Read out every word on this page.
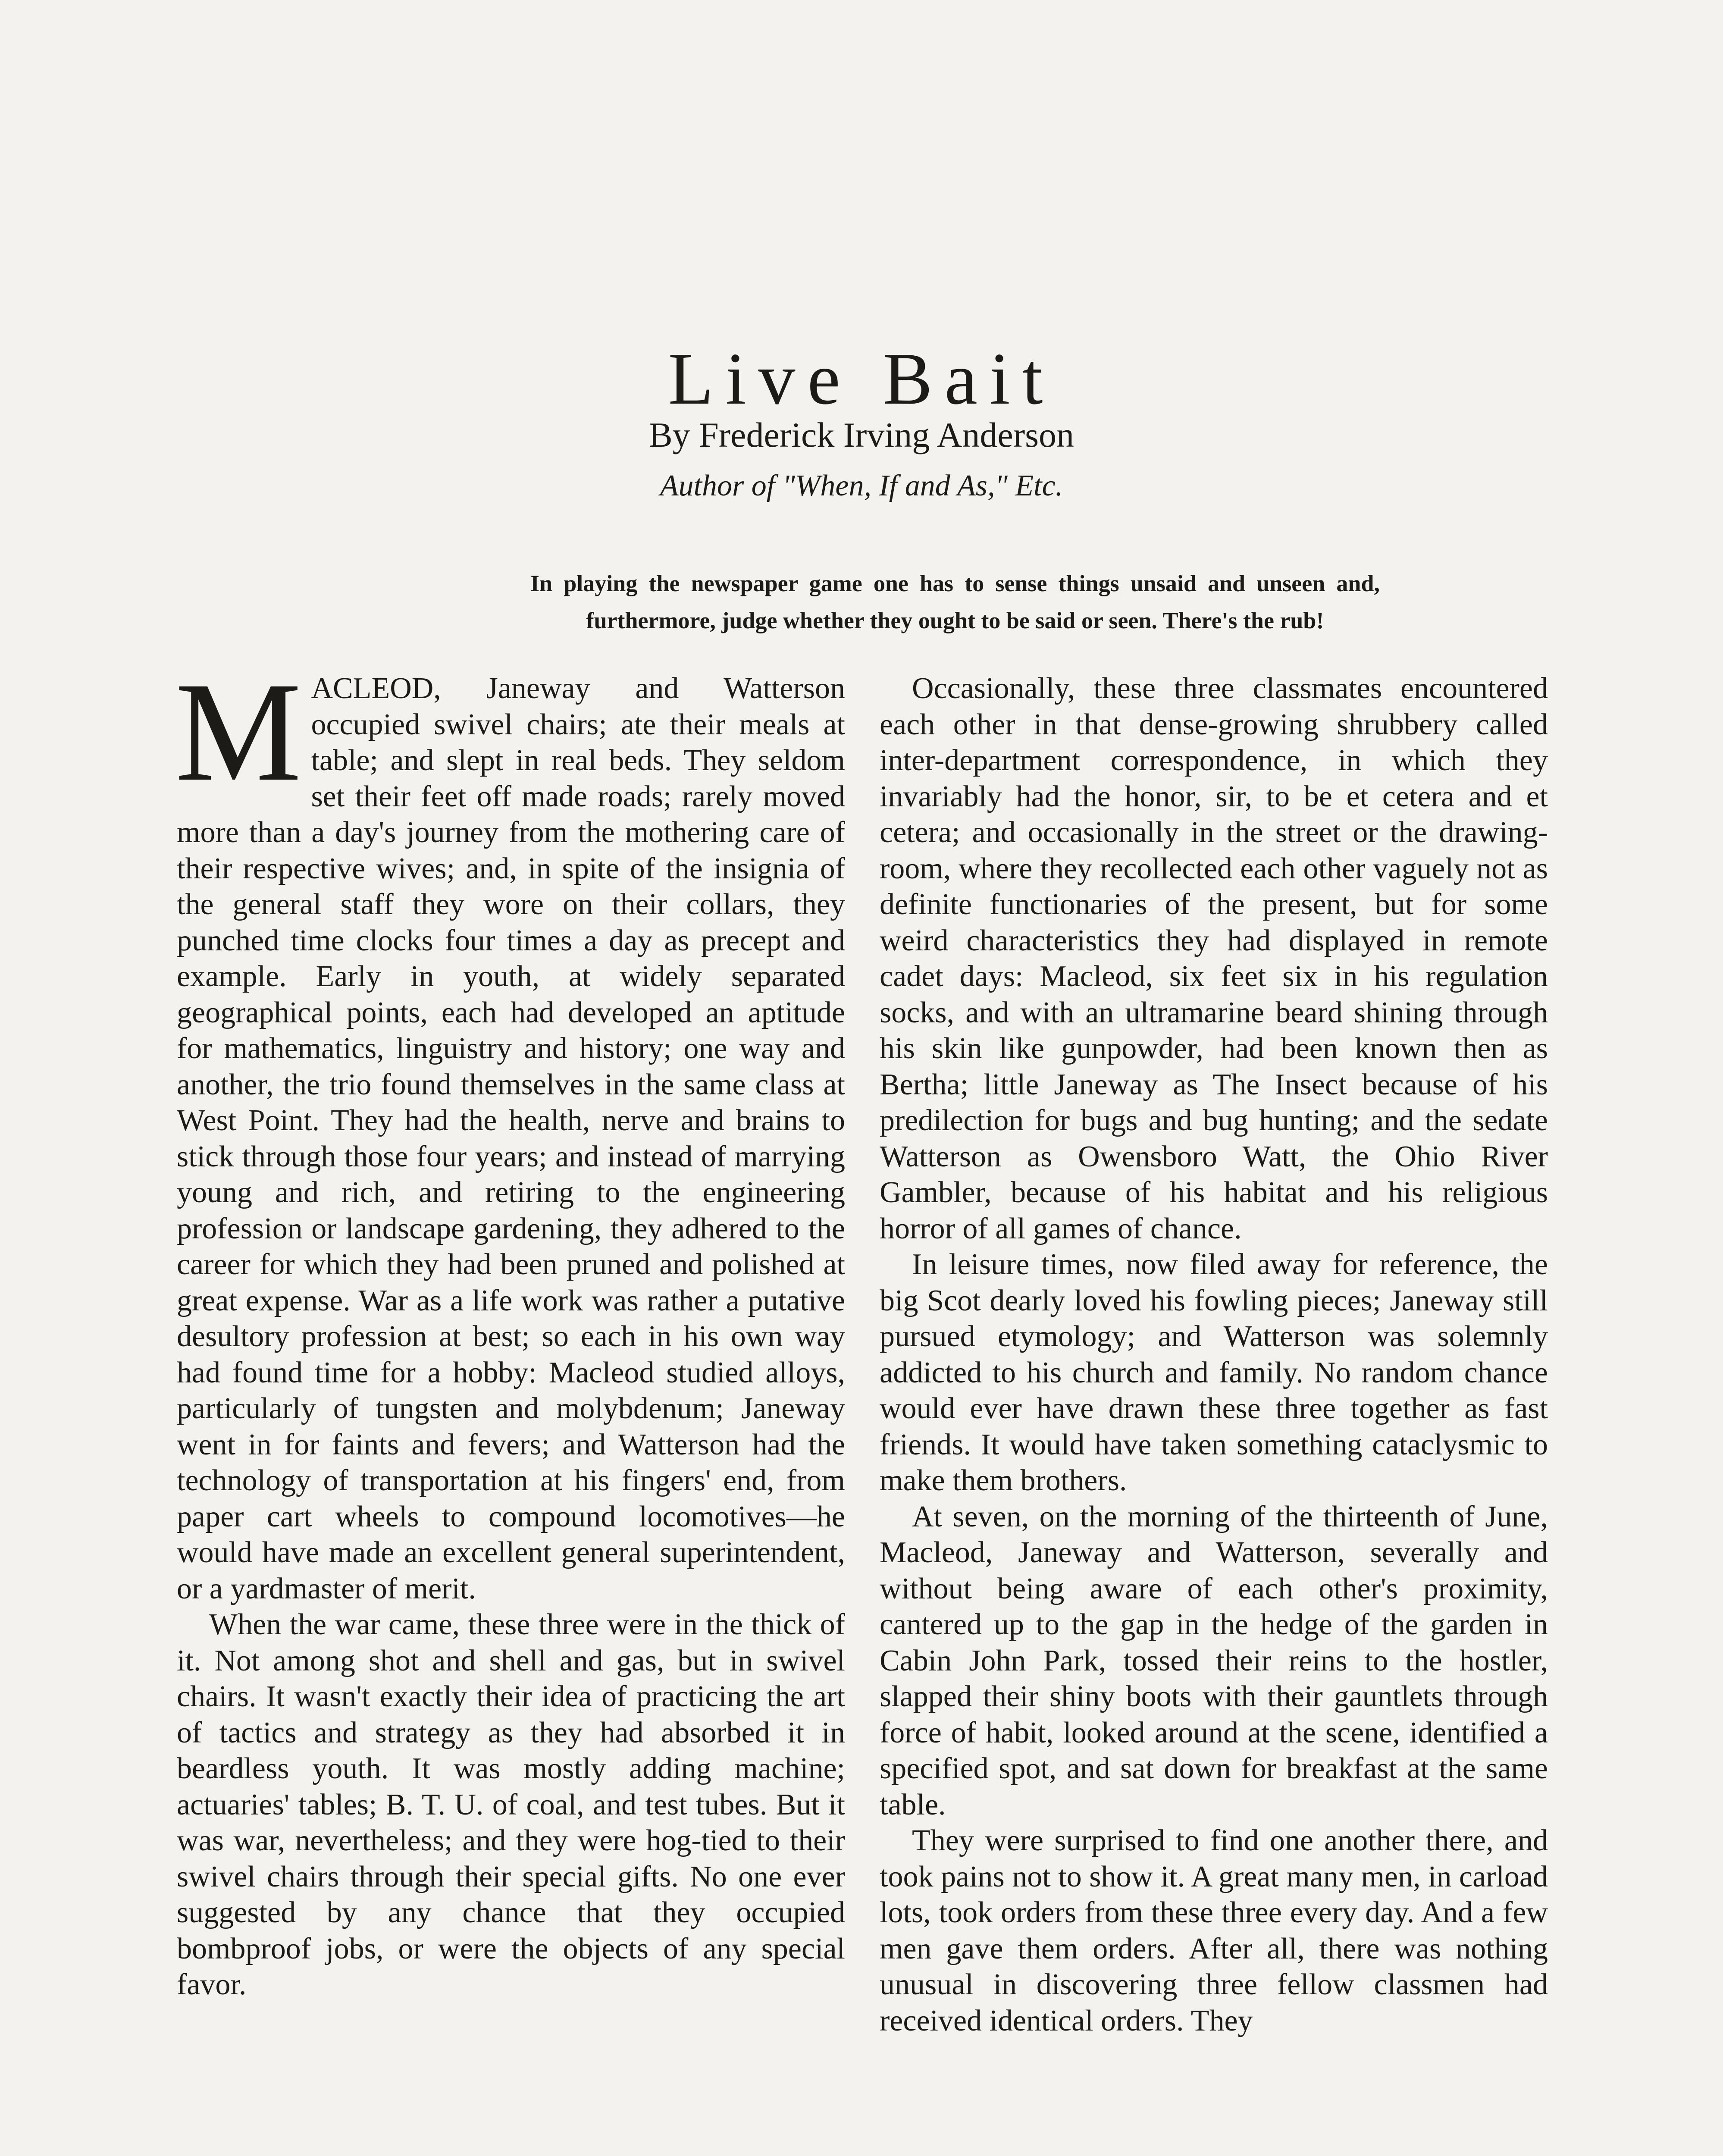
Live Bait
By Frederick Irving Anderson
Author of "When, If and As," Etc.
In playing the newspaper game one has to sense things unsaid and unseen and, furthermore, judge whether they ought to be said or seen. There's the rub!

MACLEOD, Janeway and Watterson occupied swivel chairs; ate their meals at table; and slept in real beds. They seldom set their feet off made roads; rarely moved more than a day's journey from the mothering care of their respective wives; and, in spite of the insignia of the general staff they wore on their collars, they punched time clocks four times a day as precept and example. Early in youth, at widely separated geographical points, each had developed an aptitude for mathematics, linguistry and history; one way and another, the trio found themselves in the same class at West Point. They had the health, nerve and brains to stick through those four years; and instead of marrying young and rich, and retiring to the engineering profession or landscape gardening, they adhered to the career for which they had been pruned and polished at great expense. War as a life work was rather a putative desultory profession at best; so each in his own way had found time for a hobby: Macleod studied alloys, particularly of tungsten and molybdenum; Janeway went in for faints and fevers; and Watterson had the technology of transportation at his fingers' end, from paper cart wheels to compound locomotives—he would have made an excellent general superintendent, or a yardmaster of merit.

When the war came, these three were in the thick of it. Not among shot and shell and gas, but in swivel chairs. It wasn't exactly their idea of practicing the art of tactics and strategy as they had absorbed it in beardless youth. It was mostly adding machine; actuaries' tables; B. T. U. of coal, and test tubes. But it was war, nevertheless; and they were hog-tied to their swivel chairs through their special gifts. No one ever suggested by any chance that they occupied bombproof jobs, or were the objects of any special favor.

Occasionally, these three classmates encountered each other in that dense-growing shrubbery called inter-department correspondence, in which they invariably had the honor, sir, to be et cetera and et cetera; and occasionally in the street or the drawing-room, where they recollected each other vaguely not as definite functionaries of the present, but for some weird characteristics they had displayed in remote cadet days: Macleod, six feet six in his regulation socks, and with an ultramarine beard shining through his skin like gunpowder, had been known then as Bertha; little Janeway as The Insect because of his predilection for bugs and bug hunting; and the sedate Watterson as Owensboro Watt, the Ohio River Gambler, because of his habitat and his religious horror of all games of chance.

In leisure times, now filed away for reference, the big Scot dearly loved his fowling pieces; Janeway still pursued etymology; and Watterson was solemnly addicted to his church and family. No random chance would ever have drawn these three together as fast friends. It would have taken something cataclysmic to make them brothers.

At seven, on the morning of the thirteenth of June, Macleod, Janeway and Watterson, severally and without being aware of each other's proximity, cantered up to the gap in the hedge of the garden in Cabin John Park, tossed their reins to the hostler, slapped their shiny boots with their gauntlets through force of habit, looked around at the scene, identified a specified spot, and sat down for breakfast at the same table.

They were surprised to find one another there, and took pains not to show it. A great many men, in carload lots, took orders from these three every day. And a few men gave them orders. After all, there was nothing unusual in discovering three fellow classmen had received identical orders. They
